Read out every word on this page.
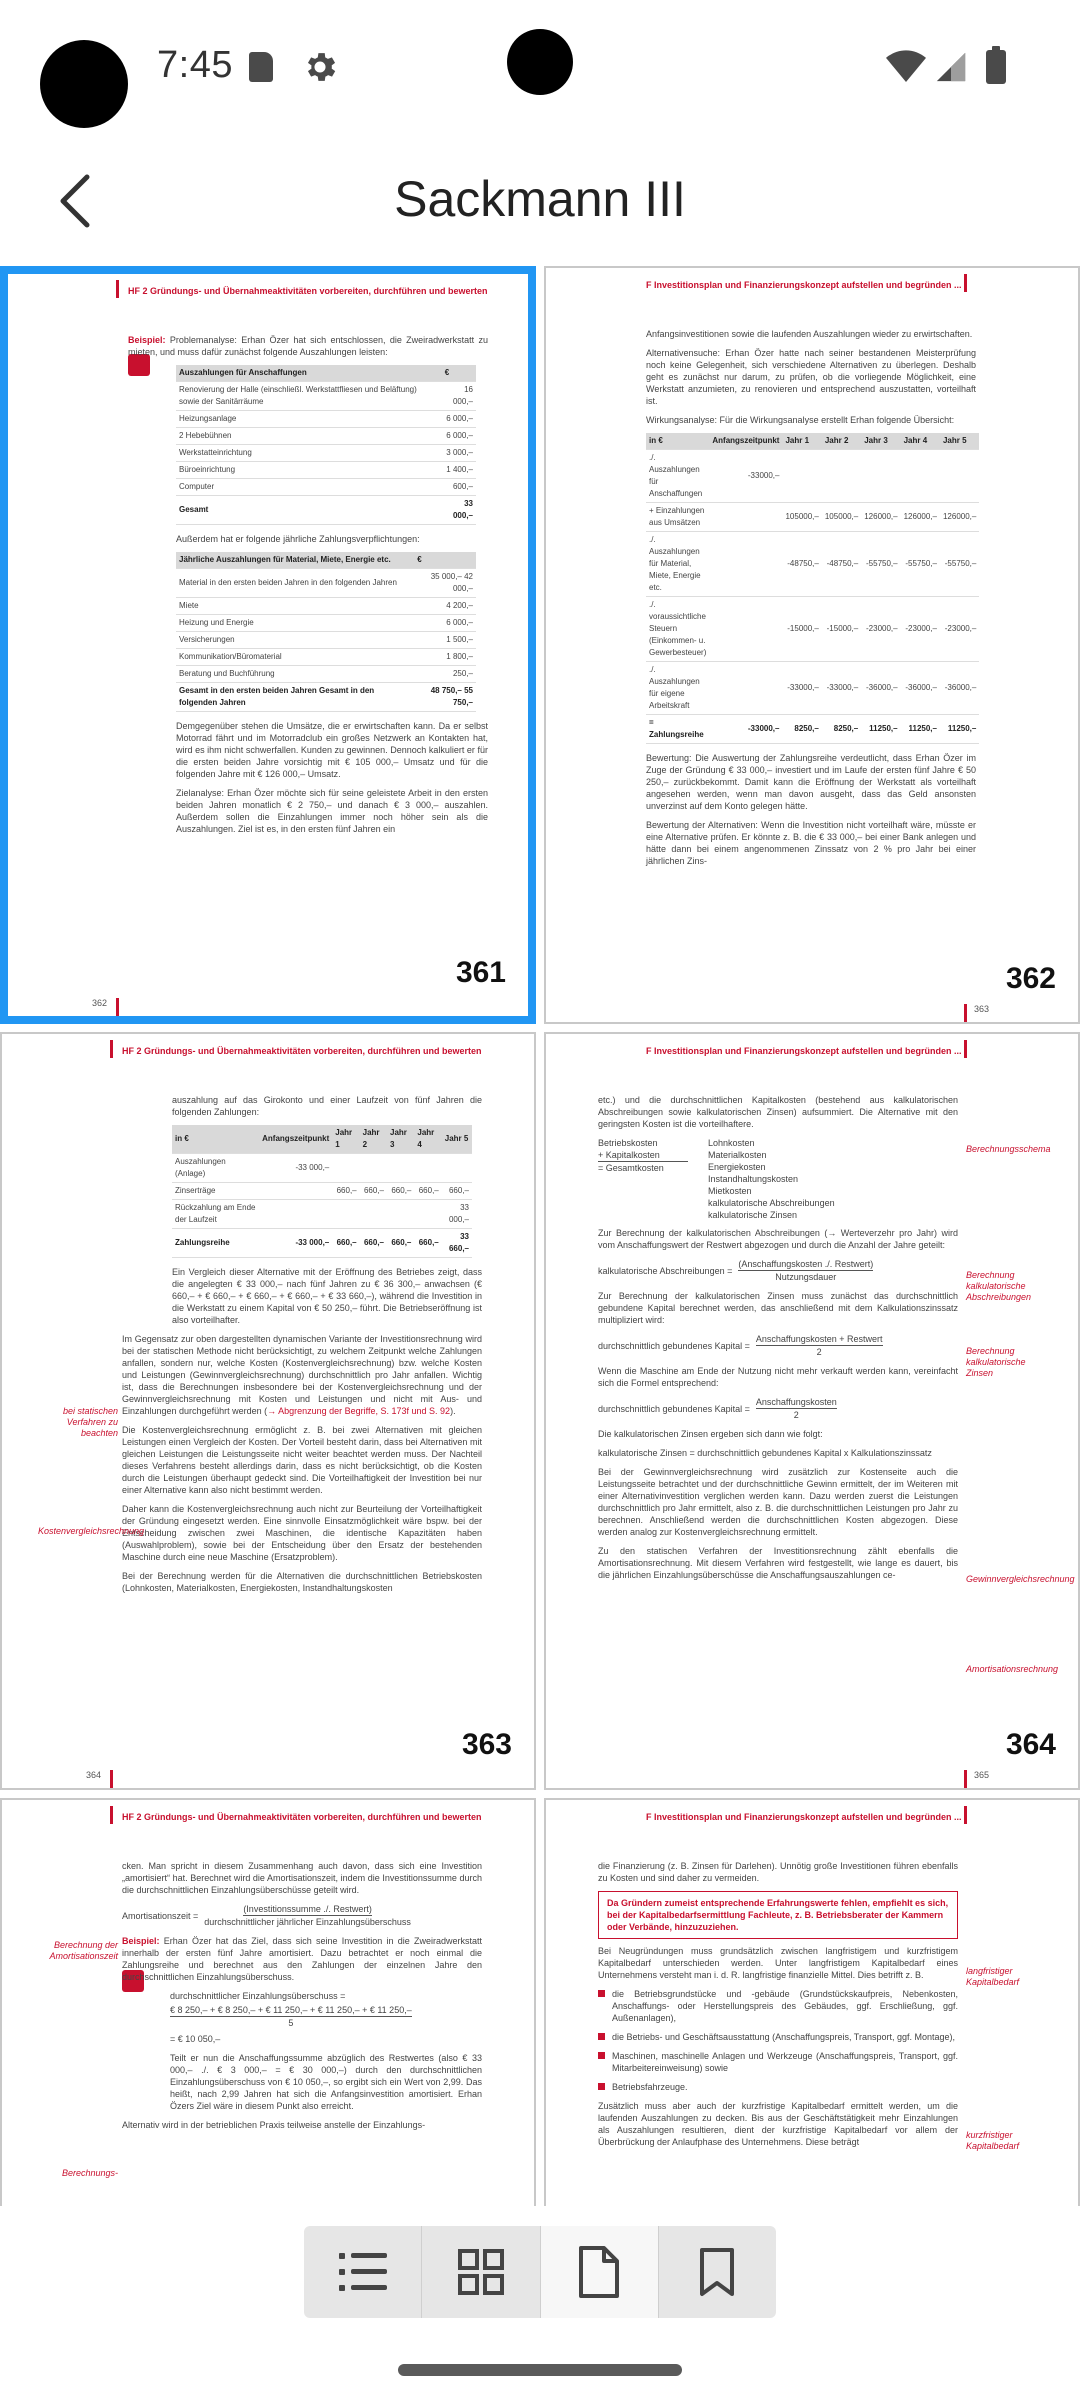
7:45
Sackmann III
HF 2 Gründungs- und Übernahmeaktivitäten vorbereiten, durchführen und bewerten

Beispiel: Problemanalyse: Erhan Özer hat sich entschlossen, die Zweiradwerkstatt zu mieten, und muss dafür zunächst folgende Auszahlungen leisten:

Auszahlungen für Anschaffungen	€
Renovierung der Halle (einschließl. Werkstattfliesen und Beläftung) sowie der Sanitärräume	16 000,–
Heizungsanlage	6 000,–
2 Hebebühnen	6 000,–
Werkstatteinrichtung	3 000,–
Büroeinrichtung	1 400,–
Computer	600,–
Gesamt	33 000,–

Außerdem hat er folgende jährliche Zahlungsverpflichtungen:

Jährliche Auszahlungen für Material, Miete, Energie etc.	€
Material in den ersten beiden Jahren in den folgenden Jahren	35 000,– 42 000,–
Miete	4 200,–
Heizung und Energie	6 000,–
Versicherungen	1 500,–
Kommunikation/Büromaterial	1 800,–
Beratung und Buchführung	250,–
Gesamt in den ersten beiden Jahren Gesamt in den folgenden Jahren	48 750,– 55 750,–

Demgegenüber stehen die Umsätze, die er erwirtschaften kann. Da er selbst Motorrad fährt und im Motorradclub ein großes Netzwerk an Kontakten hat, wird es ihm nicht schwerfallen. Kunden zu gewinnen. Dennoch kalkuliert er für die ersten beiden Jahre vorsichtig mit € 105 000,– Umsatz und für die folgenden Jahre mit € 126 000,– Umsatz.

Zielanalyse: Erhan Özer möchte sich für seine geleistete Arbeit in den ersten beiden Jahren monatlich € 2 750,– und danach € 3 000,– auszahlen. Außerdem sollen die Einzahlungen immer noch höher sein als die Auszahlungen. Ziel ist es, in den ersten fünf Jahren ein

361
362
F Investitionsplan und Finanzierungskonzept aufstellen und begründen ...

Anfangsinvestitionen sowie die laufenden Auszahlungen wieder zu erwirtschaften.

Alternativensuche: Erhan Özer hatte nach seiner bestandenen Meisterprüfung noch keine Gelegenheit, sich verschiedene Alternativen zu überlegen. Deshalb geht es zunächst nur darum, zu prüfen, ob die vorliegende Möglichkeit, eine Werkstatt anzumieten, zu renovieren und entsprechend auszustatten, vorteilhaft ist.

Wirkungsanalyse: Für die Wirkungsanalyse erstellt Erhan folgende Übersicht:

in €	Anfangszeitpunkt	Jahr 1	Jahr 2	Jahr 3	Jahr 4	Jahr 5
./. Auszahlungen für Anschaffungen	-33000,–					
+ Einzahlungen aus Umsätzen		105000,–	105000,–	126000,–	126000,–	126000,–
./. Auszahlungen für Material, Miete, Energie etc.		-48750,–	-48750,–	-55750,–	-55750,–	-55750,–
./. voraussichtliche Steuern (Einkommen- u. Gewerbesteuer)		-15000,–	-15000,–	-23000,–	-23000,–	-23000,–
./. Auszahlungen für eigene Arbeitskraft		-33000,–	-33000,–	-36000,–	-36000,–	-36000,–
= Zahlungsreihe	-33000,–	8250,–	8250,–	11250,–	11250,–	11250,–

Bewertung: Die Auswertung der Zahlungsreihe verdeutlicht, dass Erhan Özer im Zuge der Gründung € 33 000,– investiert und im Laufe der ersten fünf Jahre € 50 250,– zurückbekommt. Damit kann die Eröffnung der Werkstatt als vorteilhaft angesehen werden, wenn man davon ausgeht, dass das Geld ansonsten unverzinst auf dem Konto gelegen hätte.

Bewertung der Alternativen: Wenn die Investition nicht vorteilhaft wäre, müsste er eine Alternative prüfen. Er könnte z. B. die € 33 000,– bei einer Bank anlegen und hätte dann bei einem angenommenen Zinssatz von 2 % pro Jahr bei einer jährlichen Zins-

362
363
HF 2 Gründungs- und Übernahmeaktivitäten vorbereiten, durchführen und bewerten

auszahlung auf das Girokonto und einer Laufzeit von fünf Jahren die folgenden Zahlungen:

in €	Anfangszeitpunkt	Jahr 1	Jahr 2	Jahr 3	Jahr 4	Jahr 5
Auszahlungen (Anlage)	-33 000,–					
Zinserträge		660,–	660,–	660,–	660,–	660,–
Rückzahlung am Ende der Laufzeit						33 000,–
Zahlungsreihe	-33 000,–	660,–	660,–	660,–	660,–	33 660,–

Ein Vergleich dieser Alternative mit der Eröffnung des Betriebes zeigt, dass die angelegten € 33 000,– nach fünf Jahren zu € 36 300,– anwachsen (€ 660,– + € 660,– + € 660,– + € 660,– + € 33 660,–), während die Investition in die Werkstatt zu einem Kapital von € 50 250,– führt. Die Betriebseröffnung ist also vorteilhafter.

Im Gegensatz zur oben dargestellten dynamischen Variante der Investitionsrechnung wird bei der statischen Methode nicht berücksichtigt, zu welchem Zeitpunkt welche Zahlungen anfallen, sondern nur, welche Kosten (Kostenvergleichsrechnung) bzw. welche Kosten und Leistungen (Gewinnvergleichsrechnung) durchschnittlich pro Jahr anfallen. Wichtig ist, dass die Berechnungen insbesondere bei der Kostenvergleichsrechnung und der Gewinnvergleichsrechnung mit Kosten und Leistungen und nicht mit Aus- und Einzahlungen durchgeführt werden (→ Abgrenzung der Begriffe, S. 173f und S. 92).

Die Kostenvergleichsrechnung ermöglicht z. B. bei zwei Alternativen mit gleichen Leistungen einen Vergleich der Kosten. Der Vorteil besteht darin, dass bei Alternativen mit gleichen Leistungen die Leistungsseite nicht weiter beachtet werden muss. Der Nachteil dieses Verfahrens besteht allerdings darin, dass es nicht berücksichtigt, ob die Kosten durch die Leistungen überhaupt gedeckt sind. Die Vorteilhaftigkeit der Investition bei nur einer Alternative kann also nicht bestimmt werden.

Daher kann die Kostenvergleichsrechnung auch nicht zur Beurteilung der Vorteilhaftigkeit der Gründung eingesetzt werden. Eine sinnvolle Einsatzmöglichkeit wäre bspw. bei der Entscheidung zwischen zwei Maschinen, die identische Kapazitäten haben (Auswahlproblem), sowie bei der Entscheidung über den Ersatz der bestehenden Maschine durch eine neue Maschine (Ersatzproblem).

Bei der Berechnung werden für die Alternativen die durchschnittlichen Betriebskosten (Lohnkosten, Materialkosten, Energiekosten, Instandhaltungskosten

bei statischen Verfahren zu beachten
Kostenvergleichsrechnung
363
364
F Investitionsplan und Finanzierungskonzept aufstellen und begründen ...

etc.) und die durchschnittlichen Kapitalkosten (bestehend aus kalkulatorischen Abschreibungen sowie kalkulatorischen Zinsen) aufsummiert. Die Alternative mit den geringsten Kosten ist die vorteilhaftere.

Betriebskosten
+ Kapitalkosten
= Gesamtkosten
Lohnkosten
Materialkosten
Energiekosten
Instandhaltungskosten
Mietkosten
kalkulatorische Abschreibungen
kalkulatorische Zinsen

Zur Berechnung der kalkulatorischen Abschreibungen (→ Werteverzehr pro Jahr) wird vom Anschaffungswert der Restwert abgezogen und durch die Anzahl der Jahre geteilt:

kalkulatorische Abschreibungen =
(Anschaffungskosten ./. Restwert)
Nutzungsdauer

Zur Berechnung der kalkulatorischen Zinsen muss zunächst das durchschnittlich gebundene Kapital berechnet werden, das anschließend mit dem Kalkulationszinssatz multipliziert wird:

durchschnittlich gebundenes Kapital =
Anschaffungskosten + Restwert
2

Wenn die Maschine am Ende der Nutzung nicht mehr verkauft werden kann, vereinfacht sich die Formel entsprechend:

durchschnittlich gebundenes Kapital =
Anschaffungskosten
2

Die kalkulatorischen Zinsen ergeben sich dann wie folgt:

kalkulatorische Zinsen = durchschnittlich gebundenes Kapital x Kalkulationszinssatz

Bei der Gewinnvergleichsrechnung wird zusätzlich zur Kostenseite auch die Leistungsseite betrachtet und der durchschnittliche Gewinn ermittelt, der im Weiteren mit einer Alternativinvestition verglichen werden kann. Dazu werden zuerst die Leistungen durchschnittlich pro Jahr ermittelt, also z. B. die durchschnittlichen Leistungen pro Jahr zu berechnen. Anschließend werden die durchschnittlichen Kosten abgezogen. Diese werden analog zur Kostenvergleichsrechnung ermittelt.

Zu den statischen Verfahren der Investitionsrechnung zählt ebenfalls die Amortisationsrechnung. Mit diesem Verfahren wird festgestellt, wie lange es dauert, bis die jährlichen Einzahlungsüberschüsse die Anschaffungsauszahlungen ce-

Berechnungsschema
Berechnung kalkulatorische Abschreibungen
Berechnung kalkulatorische Zinsen
Gewinnvergleichsrechnung
Amortisationsrechnung
364
365
HF 2 Gründungs- und Übernahmeaktivitäten vorbereiten, durchführen und bewerten

cken. Man spricht in diesem Zusammenhang auch davon, dass sich eine Investition „amortisiert“ hat. Berechnet wird die Amortisationszeit, indem die Investitionssumme durch die durchschnittlichen Einzahlungsüberschüsse geteilt wird.

Amortisationszeit =
(Investitionssumme ./. Restwert)
durchschnittlicher jährlicher Einzahlungsüberschuss

Beispiel: Erhan Özer hat das Ziel, dass sich seine Investition in die Zweiradwerkstatt innerhalb der ersten fünf Jahre amortisiert. Dazu betrachtet er noch einmal die Zahlungsreihe und berechnet aus den Zahlungen der einzelnen Jahre den durchschnittlichen Einzahlungsüberschuss.

durchschnittlicher Einzahlungsüberschuss =

$\frac{€ 8 250,- + € 8 250,- + € 11 250,- + € 11 250,- + € 11 250,-}{5}$

= € 10 050,–

Teilt er nun die Anschaffungssumme abzüglich des Restwertes (also € 33 000,– ./. € 3 000,– = € 30 000,–) durch den durchschnittlichen Einzahlungsüberschuss von € 10 050,–, so ergibt sich ein Wert von 2,99. Das heißt, nach 2,99 Jahren hat sich die Anfangsinvestition amortisiert. Erhan Özers Ziel wäre in diesem Punkt also erreicht.

Alternativ wird in der betrieblichen Praxis teilweise anstelle der Einzahlungs-

Berechnung der Amortisationszeit
Berechnungs-
F Investitionsplan und Finanzierungskonzept aufstellen und begründen ...

die Finanzierung (z. B. Zinsen für Darlehen). Unnötig große Investitionen führen ebenfalls zu Kosten und sind daher zu vermeiden.

Da Gründern zumeist entsprechende Erfahrungswerte fehlen, empfiehlt es sich, bei der Kapitalbedarfsermittlung Fachleute, z. B. Betriebsberater der Kammern oder Verbände, hinzuzuziehen.

Bei Neugründungen muss grundsätzlich zwischen langfristigem und kurzfristigem Kapitalbedarf unterschieden werden. Unter langfristigem Kapitalbedarf eines Unternehmens versteht man i. d. R. langfristige finanzielle Mittel. Dies betrifft z. B.

die Betriebsgrundstücke und -gebäude (Grundstückskaufpreis, Nebenkosten, Anschaffungs- oder Herstellungspreis des Gebäudes, ggf. Erschließung, ggf. Außenanlagen),

die Betriebs- und Geschäftsausstattung (Anschaffungspreis, Transport, ggf. Montage),

Maschinen, maschinelle Anlagen und Werkzeuge (Anschaffungspreis, Transport, ggf. Mitarbeitereinweisung) sowie

Betriebsfahrzeuge.

Zusätzlich muss aber auch der kurzfristige Kapitalbedarf ermittelt werden, um die laufenden Auszahlungen zu decken. Bis aus der Geschäftstätigkeit mehr Einzahlungen als Auszahlungen resultieren, dient der kurzfristige Kapitalbedarf vor allem der Überbrückung der Anlaufphase des Unternehmens. Diese beträgt

langfristiger Kapitalbedarf
kurzfristiger Kapitalbedarf
